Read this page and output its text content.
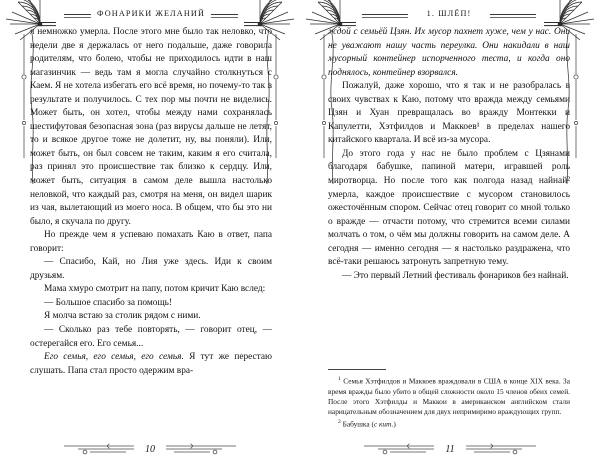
ФОНАРИКИ ЖЕЛАНИЙ

я немножко умерла. После этого мне было так неловко, что недели две я держалась от него подальше, даже говорила родителям, что болею, чтобы не приходилось идти в наш магазинчик — ведь там я могла случайно столкнуться с Каем. Я не хотела избегать его всё время, но почему-то так в результате и получилось. С тех пор мы почти не виделись. Может быть, он хотел, чтобы между нами сохранялась шестифутовая безопасная зона (раз вирусы дальше не летят, то и всякое другое тоже не долетит, ну, вы поняли). Или, может быть, он был совсем не таким, каким я его считала, раз принял это происшествие так близко к сердцу. Или, может быть, ситуация в самом деле вышла настолько неловкой, что каждый раз, смотря на меня, он видел шарик из чая, вылетающий из моего носа. В общем, что бы это ни было, я скучала по другу.

Но прежде чем я успеваю помахать Каю в ответ, папа говорит:

— Спасибо, Кай, но Лия уже здесь. Иди к своим друзьям.

Мама хмуро смотрит на папу, потом кричит Каю вслед:

— Большое спасибо за помощь!

Я молча встаю за столик рядом с ними.

— Сколько раз тебе повторять, — говорит отец, — остерегайся его. Его семья...

Его семья, его семья, его семья. Я тут же перестаю слушать. Папа стал просто одержим вра-

10
1. ШЛЁП!

ждой с семьёй Цзян. Их мусор пахнет хуже, чем у нас. Они не уважают нашу часть переулка. Они накидали в наш мусорный контейнер испорченного теста, и когда оно поднялось, контейнер взорвался.

Пожалуй, даже хорошо, что я так и не разобралась в своих чувствах к Каю, потому что вражда между семьями Цзян и Хуан превращалась во вражду Монтекки и Капулетти, Хэтфилдов и Маккоев¹ в пределах нашего китайского квартала. И всё из-за мусора.

До этого года у нас не было проблем с Цзянами благодаря бабушке, папиной матери, игравшей роль миротворца. Но после того как полгода назад найнай² умерла, каждое происшествие с мусором становилось ожесточённым спором. Сейчас отец говорит со мной только о вражде — отчасти потому, что стремится всеми силами молчать о том, о чём мы должны говорить на самом деле. А сегодня — именно сегодня — я настолько раздражена, что всё-таки решаюсь затронуть запретную тему.

— Это первый Летний фестиваль фонариков без найнай.

$^1$ Семья Хэтфилдов и Маккоев враждовали в США в конце XIX века. За время вражды было убито в общей сложности около 15 членов обеих семей. После этого Хэтфилды и Маккои в американском английском стали нарицательным обозначением для двух непримиримо враждующих групп.

$^2$ Бабушка (с кит.)

11
